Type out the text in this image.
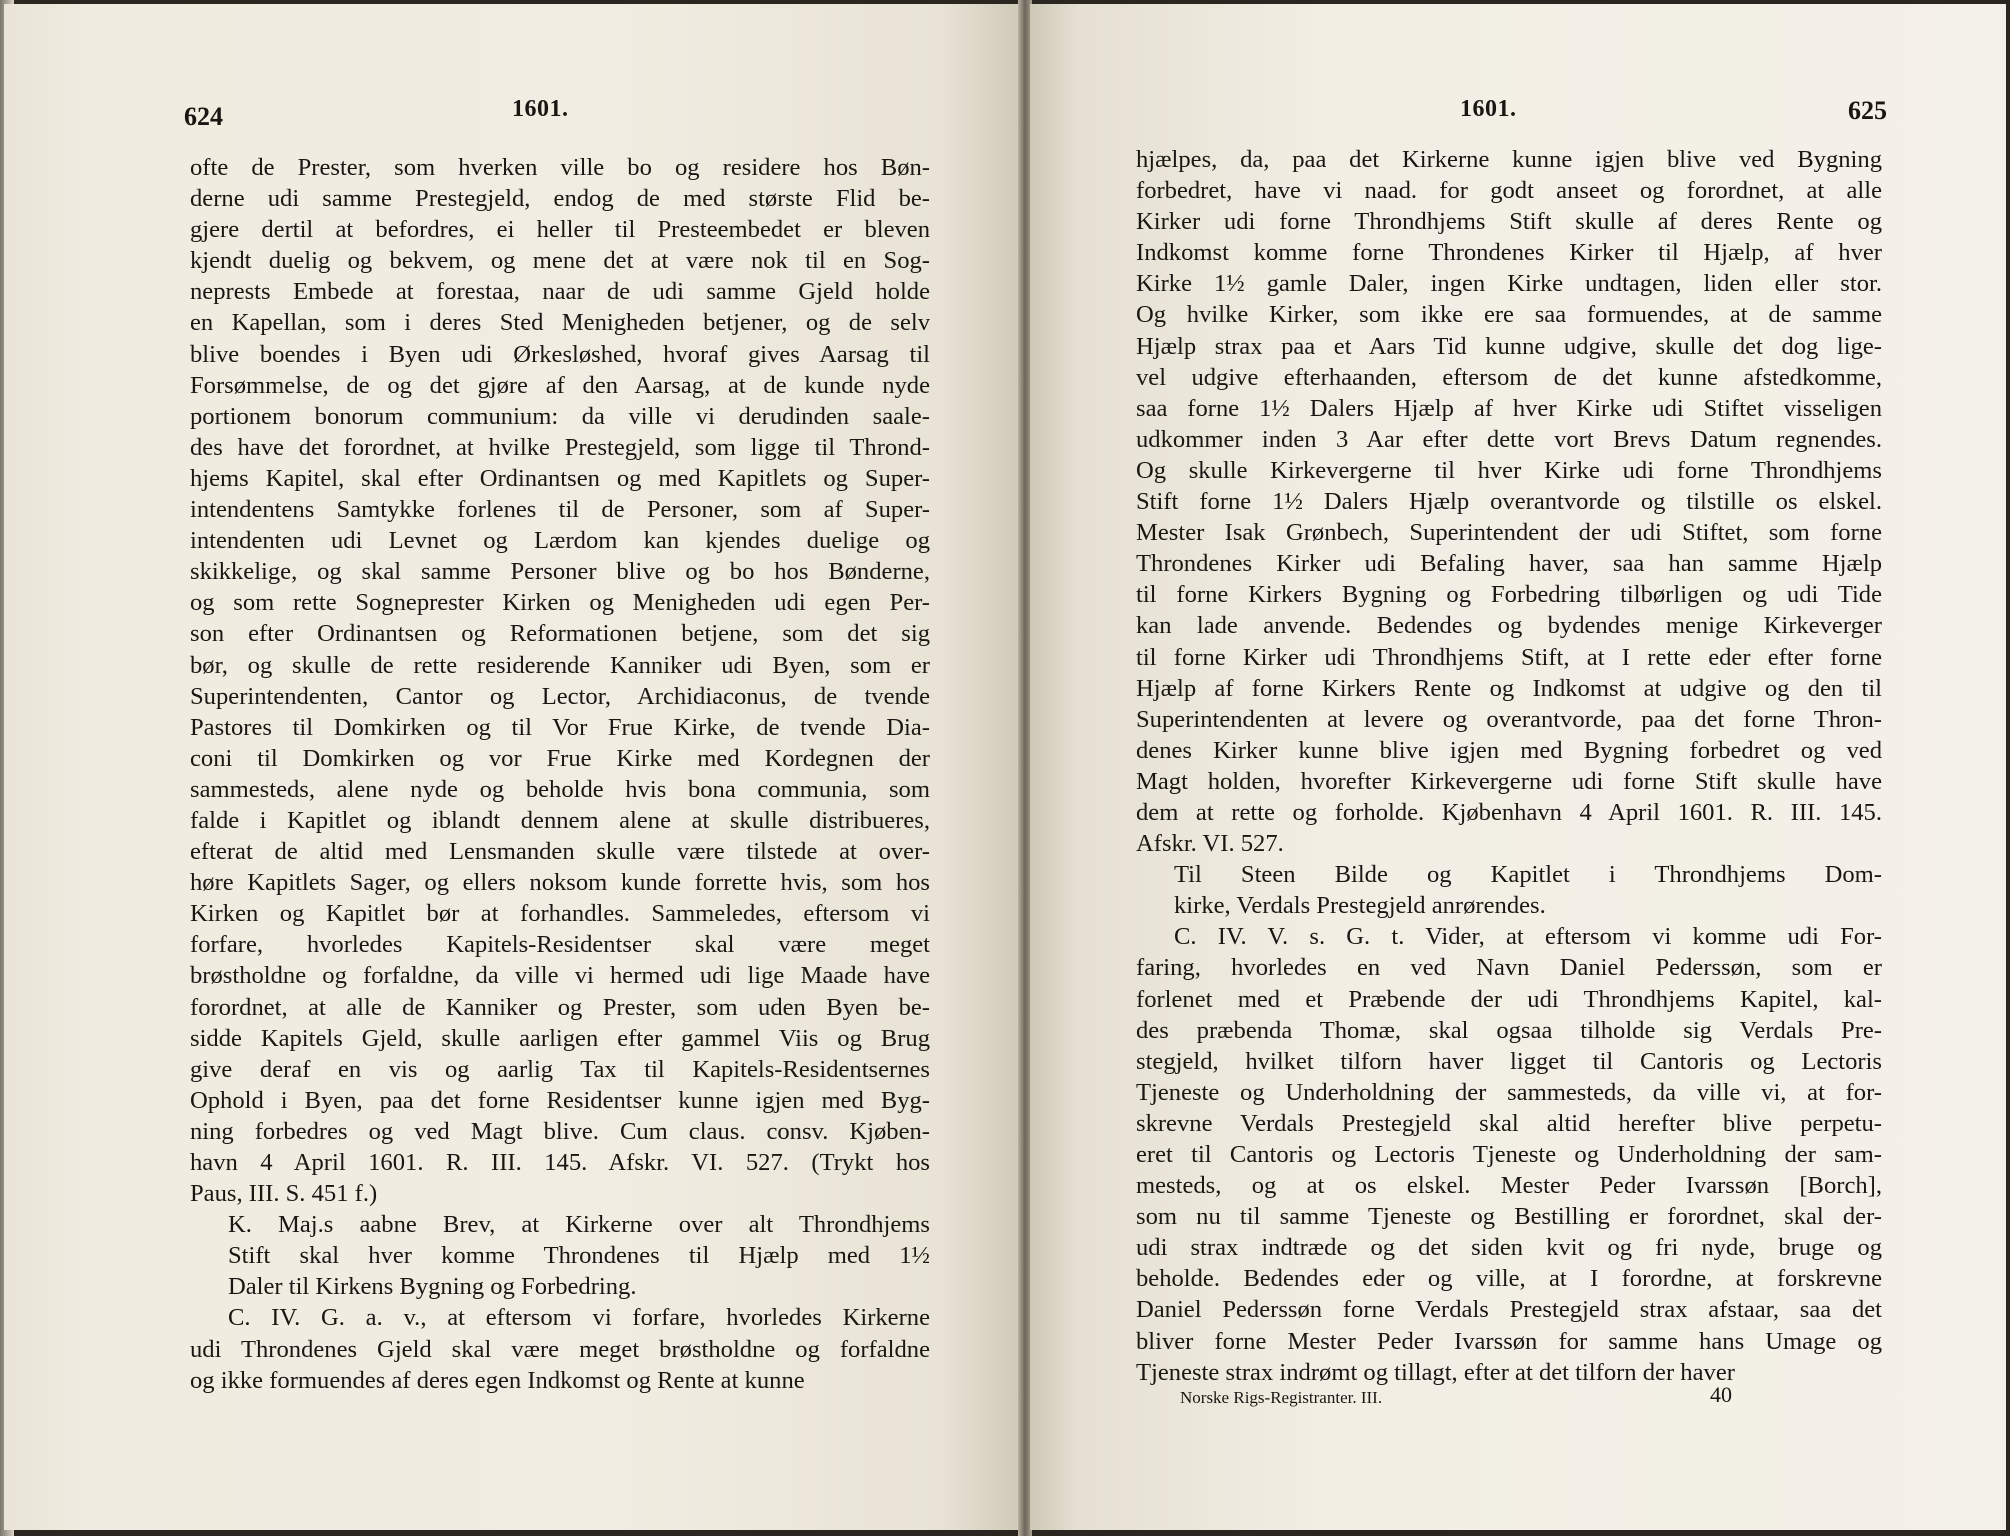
624	1601.
ofte de Prester, som hverken ville bo og residere hos Bøn-
derne udi samme Prestegjeld, endog de med største Flid be-
gjere dertil at befordres, ei heller til Presteembedet er bleven
kjendt duelig og bekvem, og mene det at være nok til en Sog-
neprests Embede at forestaa, naar de udi samme Gjeld holde
en Kapellan, som i deres Sted Menigheden betjener, og de selv
blive boendes i Byen udi Ørkesløshed, hvoraf gives Aarsag til
Forsømmelse, de og det gjøre af den Aarsag, at de kunde nyde
portionem bonorum communium: da ville vi derudinden saale-
des have det forordnet, at hvilke Prestegjeld, som ligge til Thrond-
hjems Kapitel, skal efter Ordinantsen og med Kapitlets og Super-
intendentens Samtykke forlenes til de Personer, som af Super-
intendenten udi Levnet og Lærdom kan kjendes duelige og
skikkelige, og skal samme Personer blive og bo hos Bønderne,
og som rette Sogneprester Kirken og Menigheden udi egen Per-
son efter Ordinantsen og Reformationen betjene, som det sig
bør, og skulle de rette residerende Kanniker udi Byen, som er
Superintendenten, Cantor og Lector, Archidiaconus, de tvende
Pastores til Domkirken og til Vor Frue Kirke, de tvende Dia-
coni til Domkirken og vor Frue Kirke med Kordegnen der
sammesteds, alene nyde og beholde hvis bona communia, som
falde i Kapitlet og iblandt dennem alene at skulle distribueres,
efterat de altid med Lensmanden skulle være tilstede at over-
høre Kapitlets Sager, og ellers noksom kunde forrette hvis, som hos
Kirken og Kapitlet bør at forhandles. Sammeledes, eftersom vi
forfare, hvorledes Kapitels-Residentser skal være meget
brøstholdne og forfaldne, da ville vi hermed udi lige Maade have
forordnet, at alle de Kanniker og Prester, som uden Byen be-
sidde Kapitels Gjeld, skulle aarligen efter gammel Viis og Brug
give deraf en vis og aarlig Tax til Kapitels-Residentsernes
Ophold i Byen, paa det forne Residentser kunne igjen med Byg-
ning forbedres og ved Magt blive. Cum claus. consv. Kjøben-
havn 4 April 1601. R. III. 145. Afskr. VI. 527. (Trykt hos
Paus, III. S. 451 f.)
K. Maj.s aabne Brev, at Kirkerne over alt Throndhjems
Stift skal hver komme Throndenes til Hjælp med 1½
Daler til Kirkens Bygning og Forbedring.
C. IV. G. a. v., at eftersom vi forfare, hvorledes Kirkerne
udi Throndenes Gjeld skal være meget brøstholdne og forfaldne
og ikke formuendes af deres egen Indkomst og Rente at kunne
1601.	625
hjælpes, da, paa det Kirkerne kunne igjen blive ved Bygning
forbedret, have vi naad. for godt anseet og forordnet, at alle
Kirker udi forne Throndhjems Stift skulle af deres Rente og
Indkomst komme forne Throndenes Kirker til Hjælp, af hver
Kirke 1½ gamle Daler, ingen Kirke undtagen, liden eller stor.
Og hvilke Kirker, som ikke ere saa formuendes, at de samme
Hjælp strax paa et Aars Tid kunne udgive, skulle det dog lige-
vel udgive efterhaanden, eftersom de det kunne afstedkomme,
saa forne 1½ Dalers Hjælp af hver Kirke udi Stiftet visseligen
udkommer inden 3 Aar efter dette vort Brevs Datum regnendes.
Og skulle Kirkevergerne til hver Kirke udi forne Throndhjems
Stift forne 1½ Dalers Hjælp overantvorde og tilstille os elskel.
Mester Isak Grønbech, Superintendent der udi Stiftet, som forne
Throndenes Kirker udi Befaling haver, saa han samme Hjælp
til forne Kirkers Bygning og Forbedring tilbørligen og udi Tide
kan lade anvende. Bedendes og bydendes menige Kirkeverger
til forne Kirker udi Throndhjems Stift, at I rette eder efter forne
Hjælp af forne Kirkers Rente og Indkomst at udgive og den til
Superintendenten at levere og overantvorde, paa det forne Thron-
denes Kirker kunne blive igjen med Bygning forbedret og ved
Magt holden, hvorefter Kirkevergerne udi forne Stift skulle have
dem at rette og forholde. Kjøbenhavn 4 April 1601. R. III. 145.
Afskr. VI. 527.
Til Steen Bilde og Kapitlet i Throndhjems Dom-
kirke, Verdals Prestegjeld anrørendes.
C. IV. V. s. G. t. Vider, at eftersom vi komme udi For-
faring, hvorledes en ved Navn Daniel Pederssøn, som er
forlenet med et Præbende der udi Throndhjems Kapitel, kal-
des præbenda Thomæ, skal ogsaa tilholde sig Verdals Pre-
stegjeld, hvilket tilforn haver ligget til Cantoris og Lectoris
Tjeneste og Underholdning der sammesteds, da ville vi, at for-
skrevne Verdals Prestegjeld skal altid herefter blive perpetu-
eret til Cantoris og Lectoris Tjeneste og Underholdning der sam-
mesteds, og at os elskel. Mester Peder Ivarssøn [Borch],
som nu til samme Tjeneste og Bestilling er forordnet, skal der-
udi strax indtræde og det siden kvit og fri nyde, bruge og
beholde. Bedendes eder og ville, at I forordne, at forskrevne
Daniel Pederssøn forne Verdals Prestegjeld strax afstaar, saa det
bliver forne Mester Peder Ivarssøn for samme hans Umage og
Tjeneste strax indrømt og tillagt, efter at det tilforn der haver
Norske Rigs-Registranter. III.	40
